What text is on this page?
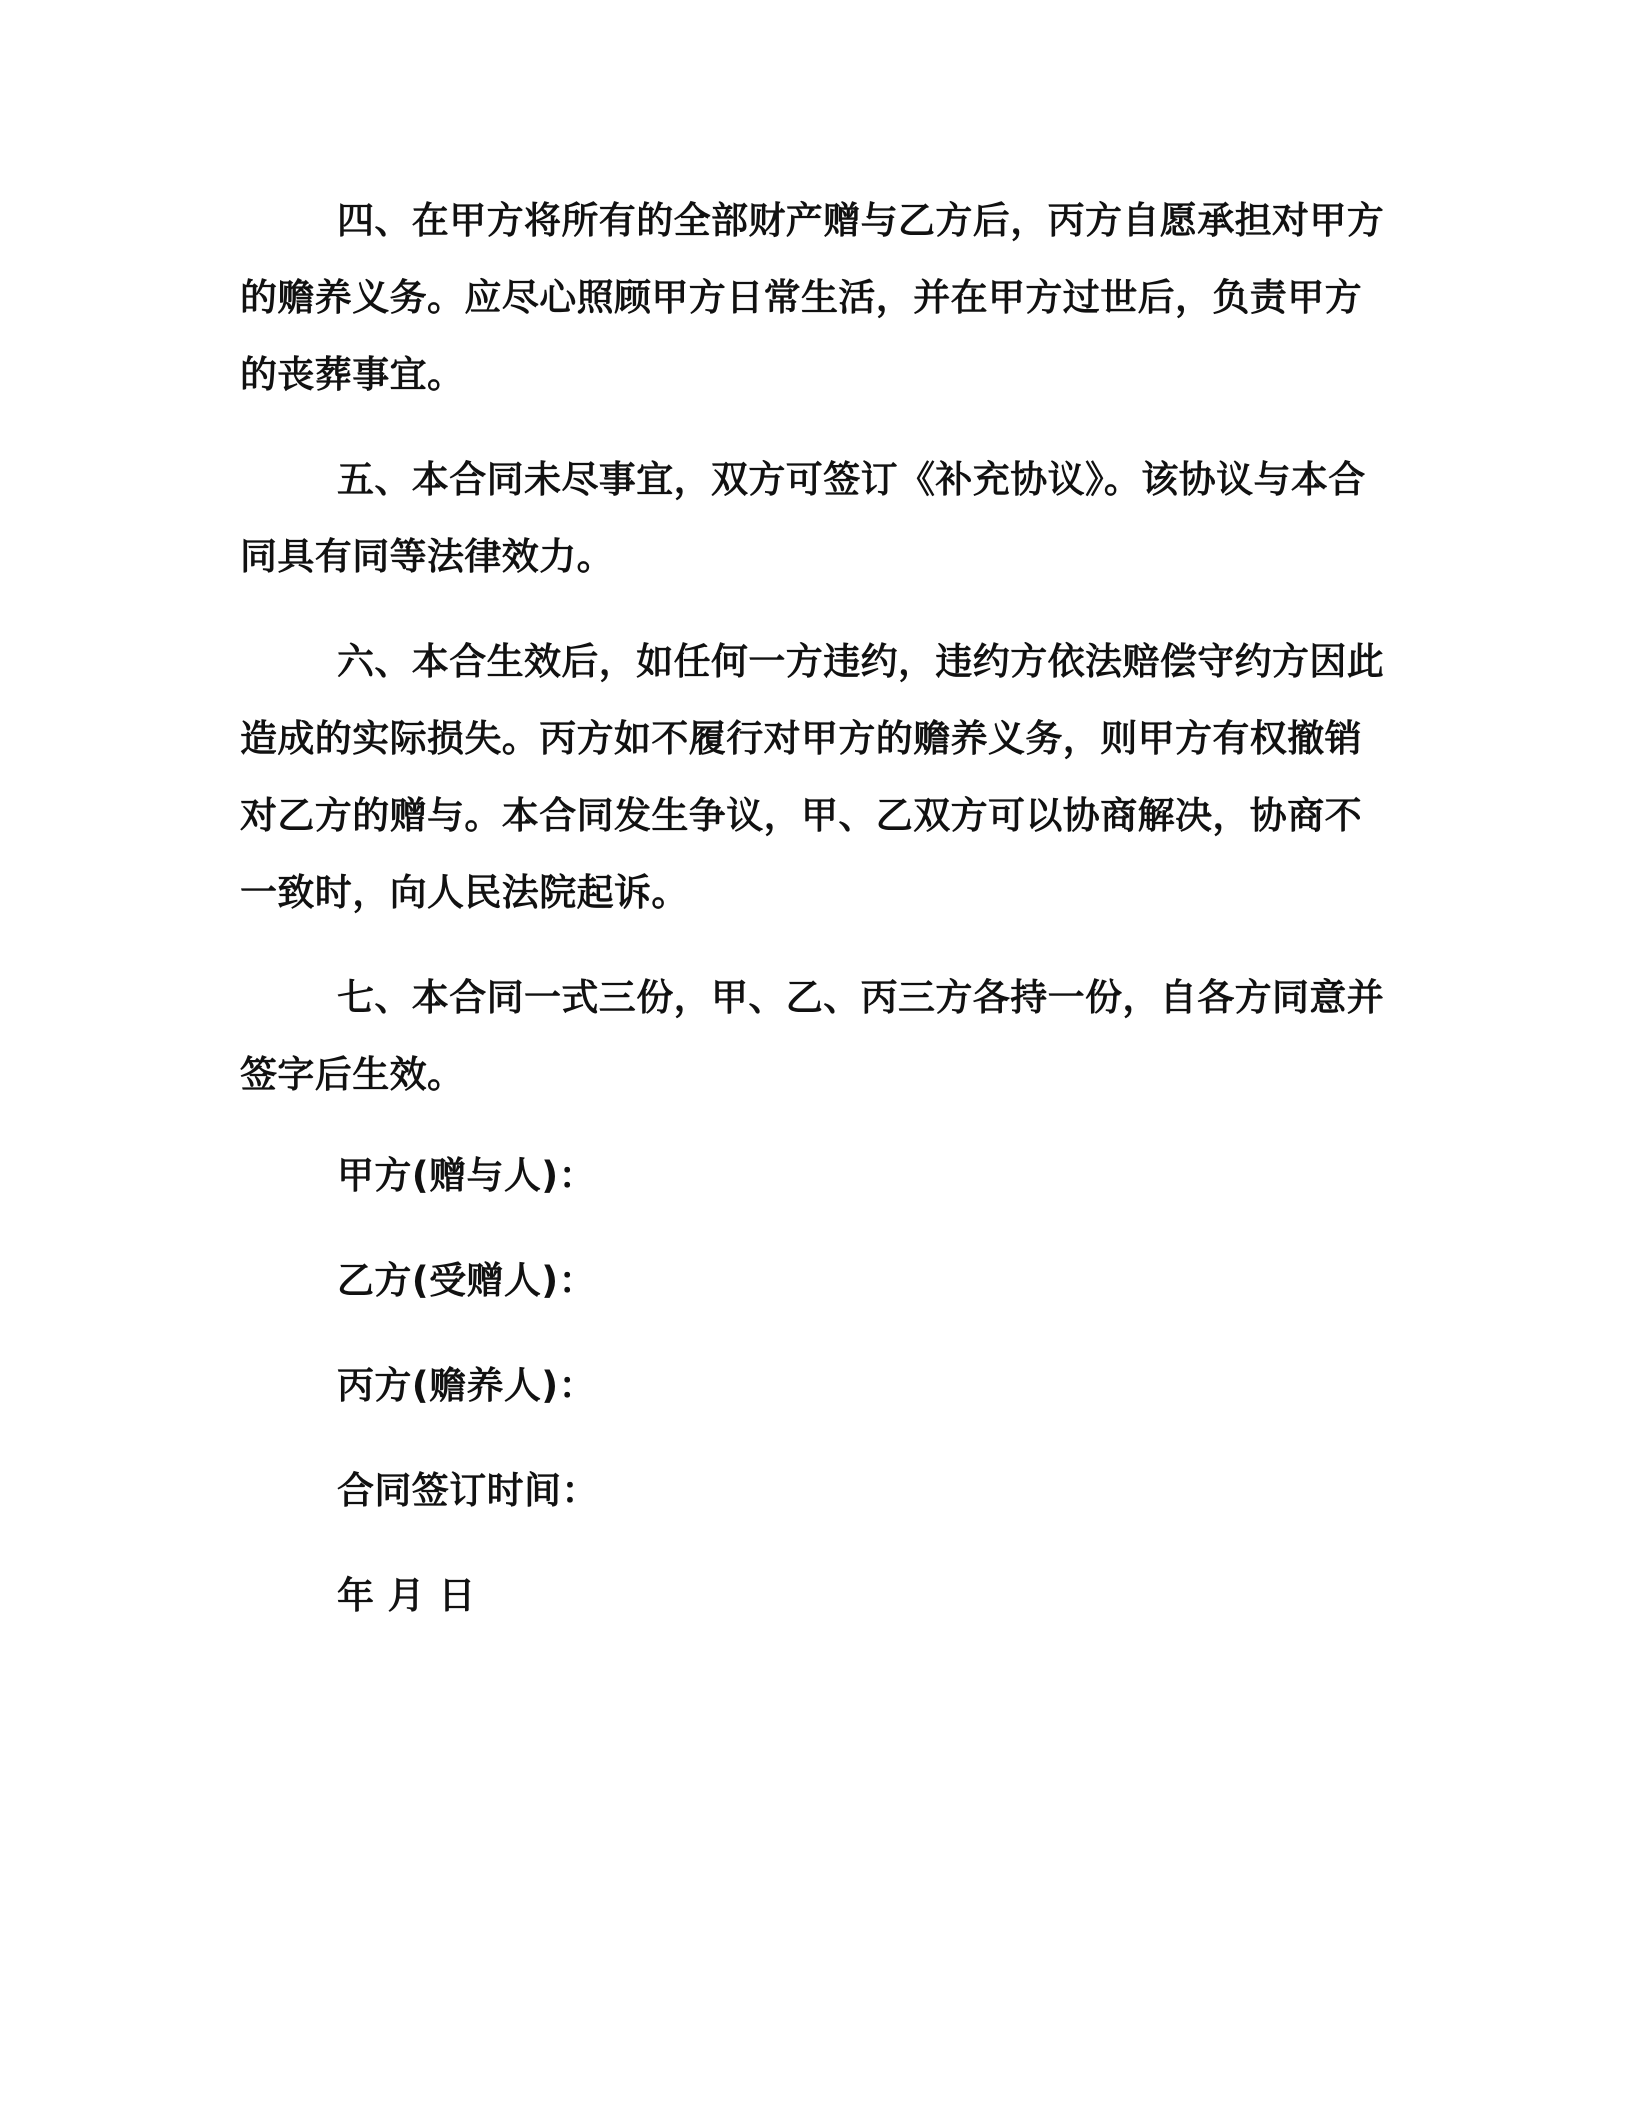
四、在甲方将所有的全部财产赠与乙方后，丙方自愿承担对甲方的赡养义务。应尽心照顾甲方日常生活，并在甲方过世后，负责甲方的丧葬事宜。

五、本合同未尽事宜，双方可签订《补充协议》。该协议与本合同具有同等法律效力。

六、本合生效后，如任何一方违约，违约方依法赔偿守约方因此造成的实际损失。丙方如不履行对甲方的赡养义务，则甲方有权撤销对乙方的赠与。本合同发生争议，甲、乙双方可以协商解决，协商不一致时，向人民法院起诉。

七、本合同一式三份，甲、乙、丙三方各持一份，自各方同意并签字后生效。

甲方(赠与人)：

乙方(受赠人)：

丙方(赡养人)：

合同签订时间：

年 月 日
